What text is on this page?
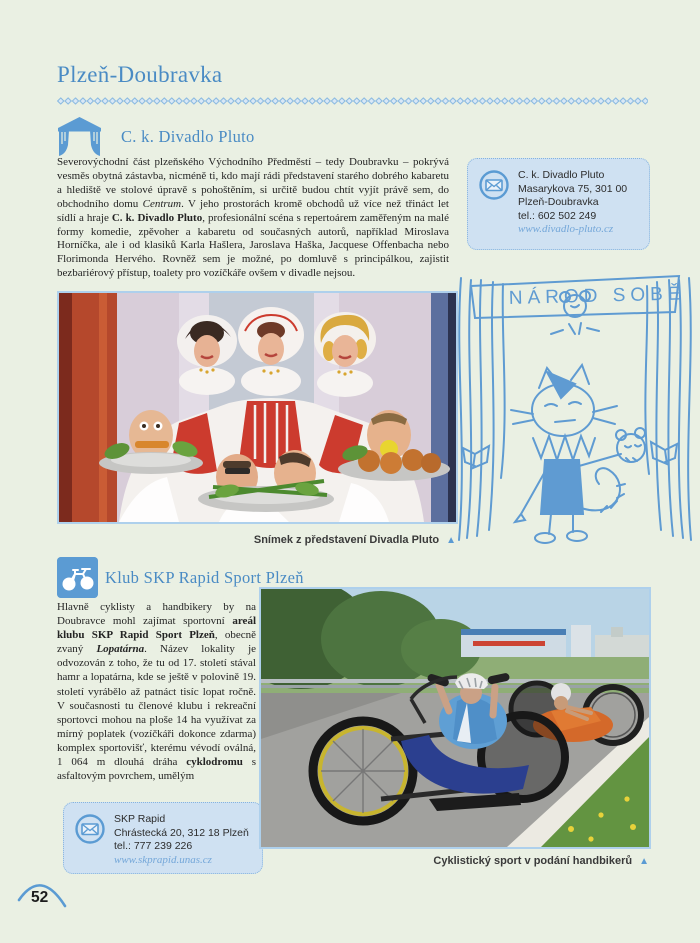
Plzeň-Doubravka
C. k. Divadlo Pluto

Severovýchodní část plzeňského Východního Předměstí – tedy Doubravku – pokrývá vesměs obytná zástavba, nicméně ti, kdo mají rádi představení starého dobrého kabaretu a hlediště ve stolové úpravě s pohoštěním, si určitě budou chtít vyjít právě sem, do obchodního domu Centrum. V jeho prostorách kromě obchodů už více než třináct let sídlí a hraje C. k. Divadlo Pluto, profesionální scéna s repertoárem zaměřeným na malé formy komedie, zpěvoher a kabaretu od současných autorů, například Miroslava Horníčka, ale i od klasiků Karla Hašlera, Jaroslava Haška, Jacquese Offenbacha nebo Florimonda Hervého. Rovněž sem je možné, po domluvě s principálkou, zajistit bezbariérový přístup, toalety pro vozíčkáře ovšem v divadle nejsou.

C. k. Divadlo Pluto
Masarykova 75, 301 00
Plzeň-Doubravka
tel.: 602 502 249
www.divadlo-pluto.cz
NÁROD SOBĚ
Snímek z představení Divadla Pluto ▲
Klub SKP Rapid Sport Plzeň

Hlavně cyklisty a handbikery by na Doubravce mohl zajímat sportovní areál klubu SKP Rapid Sport Plzeň, obecně zvaný Lopatárna. Název lokality je odvozován z toho, že tu od 17. století stával hamr a lopatárna, kde se ještě v polovině 19. století vyrábělo až patnáct tisíc lopat ročně. V současnosti tu členové klubu i rekreační sportovci mohou na ploše 14 ha využívat za mírný poplatek (vozíčkáři dokonce zdarma) komplex sportovišť, kterému vévodí oválná, 1 064 m dlouhá dráha cyklodromu s asfaltovým povrchem, umělým

SKP Rapid
Chrástecká 20, 312 18 Plzeň
tel.: 777 239 226
www.skprapid.unas.cz	Cyklistický sport v podání handbikerů ▲
52
